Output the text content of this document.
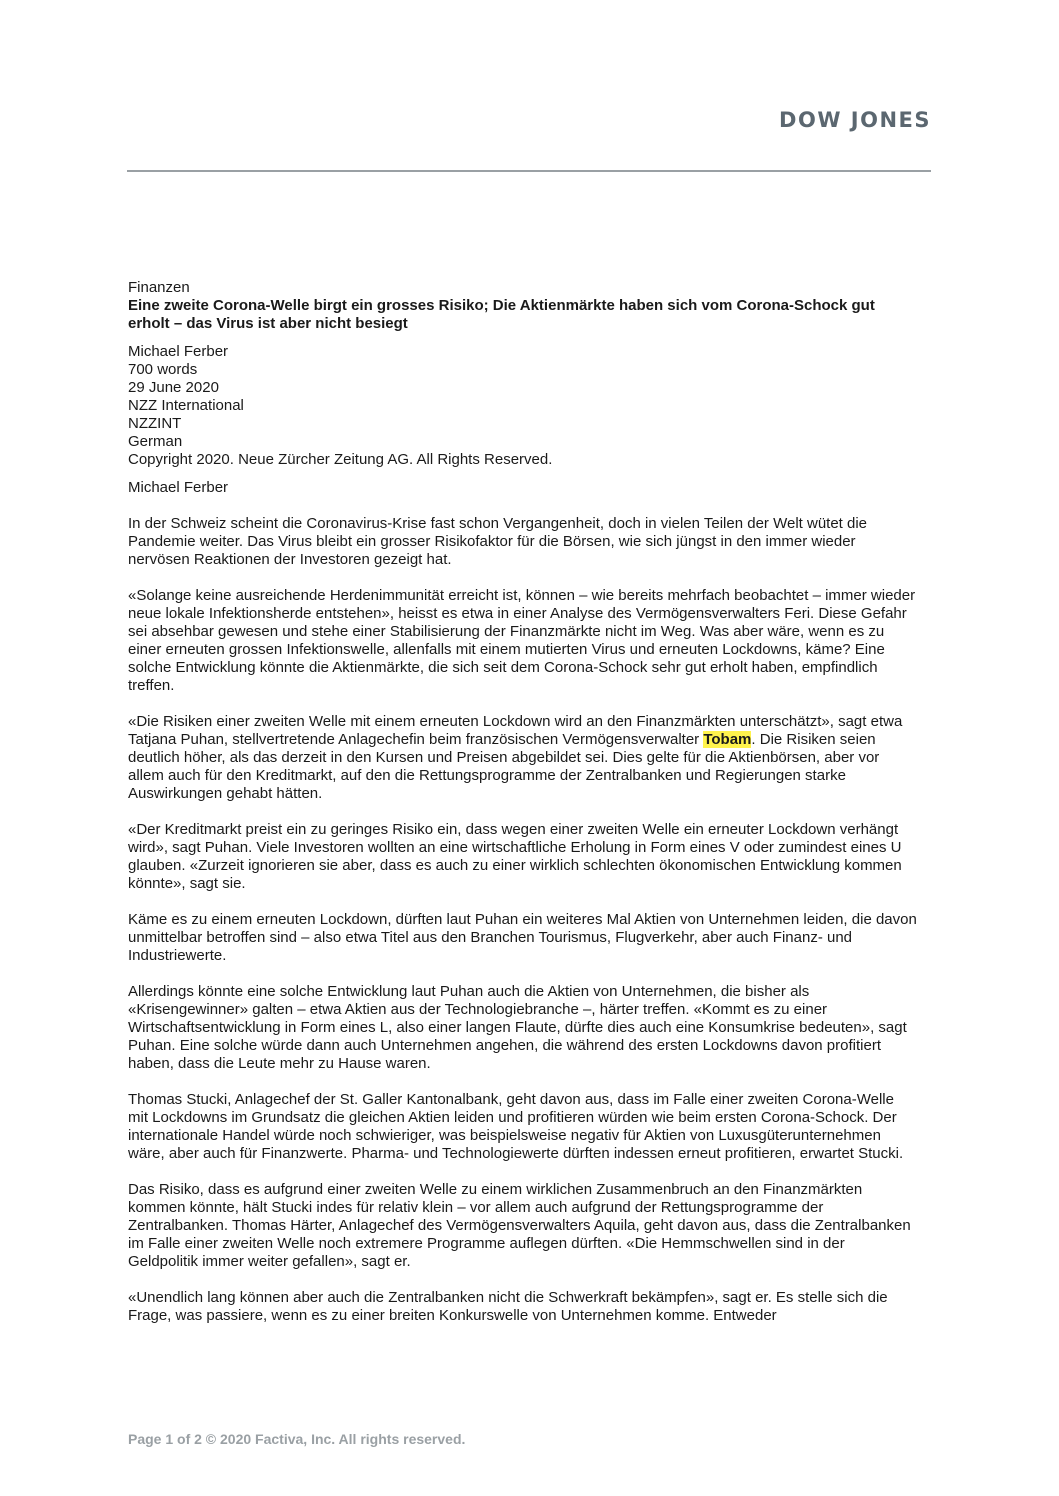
DOW JONES
Finanzen
Eine zweite Corona-Welle birgt ein grosses Risiko; Die Aktienmärkte haben sich vom Corona-Schock gut erholt – das Virus ist aber nicht besiegt
Michael Ferber
700 words
29 June 2020
NZZ International
NZZINT
German
Copyright 2020. Neue Zürcher Zeitung AG. All Rights Reserved.
Michael Ferber

In der Schweiz scheint die Coronavirus-Krise fast schon Vergangenheit, doch in vielen Teilen der Welt wütet die Pandemie weiter. Das Virus bleibt ein grosser Risikofaktor für die Börsen, wie sich jüngst in den immer wieder nervösen Reaktionen der Investoren gezeigt hat.

«Solange keine ausreichende Herdenimmunität erreicht ist, können – wie bereits mehrfach beobachtet – immer wieder neue lokale Infektionsherde entstehen», heisst es etwa in einer Analyse des Vermögensverwalters Feri. Diese Gefahr sei absehbar gewesen und stehe einer Stabilisierung der Finanzmärkte nicht im Weg. Was aber wäre, wenn es zu einer erneuten grossen Infektionswelle, allenfalls mit einem mutierten Virus und erneuten Lockdowns, käme? Eine solche Entwicklung könnte die Aktienmärkte, die sich seit dem Corona-Schock sehr gut erholt haben, empfindlich treffen.

«Die Risiken einer zweiten Welle mit einem erneuten Lockdown wird an den Finanzmärkten unterschätzt», sagt etwa Tatjana Puhan, stellvertretende Anlagechefin beim französischen Vermögensverwalter Tobam. Die Risiken seien deutlich höher, als das derzeit in den Kursen und Preisen abgebildet sei. Dies gelte für die Aktienbörsen, aber vor allem auch für den Kreditmarkt, auf den die Rettungsprogramme der Zentralbanken und Regierungen starke Auswirkungen gehabt hätten.

«Der Kreditmarkt preist ein zu geringes Risiko ein, dass wegen einer zweiten Welle ein erneuter Lockdown verhängt wird», sagt Puhan. Viele Investoren wollten an eine wirtschaftliche Erholung in Form eines V oder zumindest eines U glauben. «Zurzeit ignorieren sie aber, dass es auch zu einer wirklich schlechten ökonomischen Entwicklung kommen könnte», sagt sie.

Käme es zu einem erneuten Lockdown, dürften laut Puhan ein weiteres Mal Aktien von Unternehmen leiden, die davon unmittelbar betroffen sind – also etwa Titel aus den Branchen Tourismus, Flugverkehr, aber auch Finanz- und Industriewerte.

Allerdings könnte eine solche Entwicklung laut Puhan auch die Aktien von Unternehmen, die bisher als «Krisengewinner» galten – etwa Aktien aus der Technologiebranche –, härter treffen. «Kommt es zu einer Wirtschaftsentwicklung in Form eines L, also einer langen Flaute, dürfte dies auch eine Konsumkrise bedeuten», sagt Puhan. Eine solche würde dann auch Unternehmen angehen, die während des ersten Lockdowns davon profitiert haben, dass die Leute mehr zu Hause waren.

Thomas Stucki, Anlagechef der St. Galler Kantonalbank, geht davon aus, dass im Falle einer zweiten Corona-Welle mit Lockdowns im Grundsatz die gleichen Aktien leiden und profitieren würden wie beim ersten Corona-Schock. Der internationale Handel würde noch schwieriger, was beispielsweise negativ für Aktien von Luxusgüterunternehmen wäre, aber auch für Finanzwerte. Pharma- und Technologiewerte dürften indessen erneut profitieren, erwartet Stucki.

Das Risiko, dass es aufgrund einer zweiten Welle zu einem wirklichen Zusammenbruch an den Finanzmärkten kommen könnte, hält Stucki indes für relativ klein – vor allem auch aufgrund der Rettungsprogramme der Zentralbanken. Thomas Härter, Anlagechef des Vermögensverwalters Aquila, geht davon aus, dass die Zentralbanken im Falle einer zweiten Welle noch extremere Programme auflegen dürften. «Die Hemmschwellen sind in der Geldpolitik immer weiter gefallen», sagt er.

«Unendlich lang können aber auch die Zentralbanken nicht die Schwerkraft bekämpfen», sagt er. Es stelle sich die Frage, was passiere, wenn es zu einer breiten Konkurswelle von Unternehmen komme. Entweder

Page 1 of 2 © 2020 Factiva, Inc. All rights reserved.
